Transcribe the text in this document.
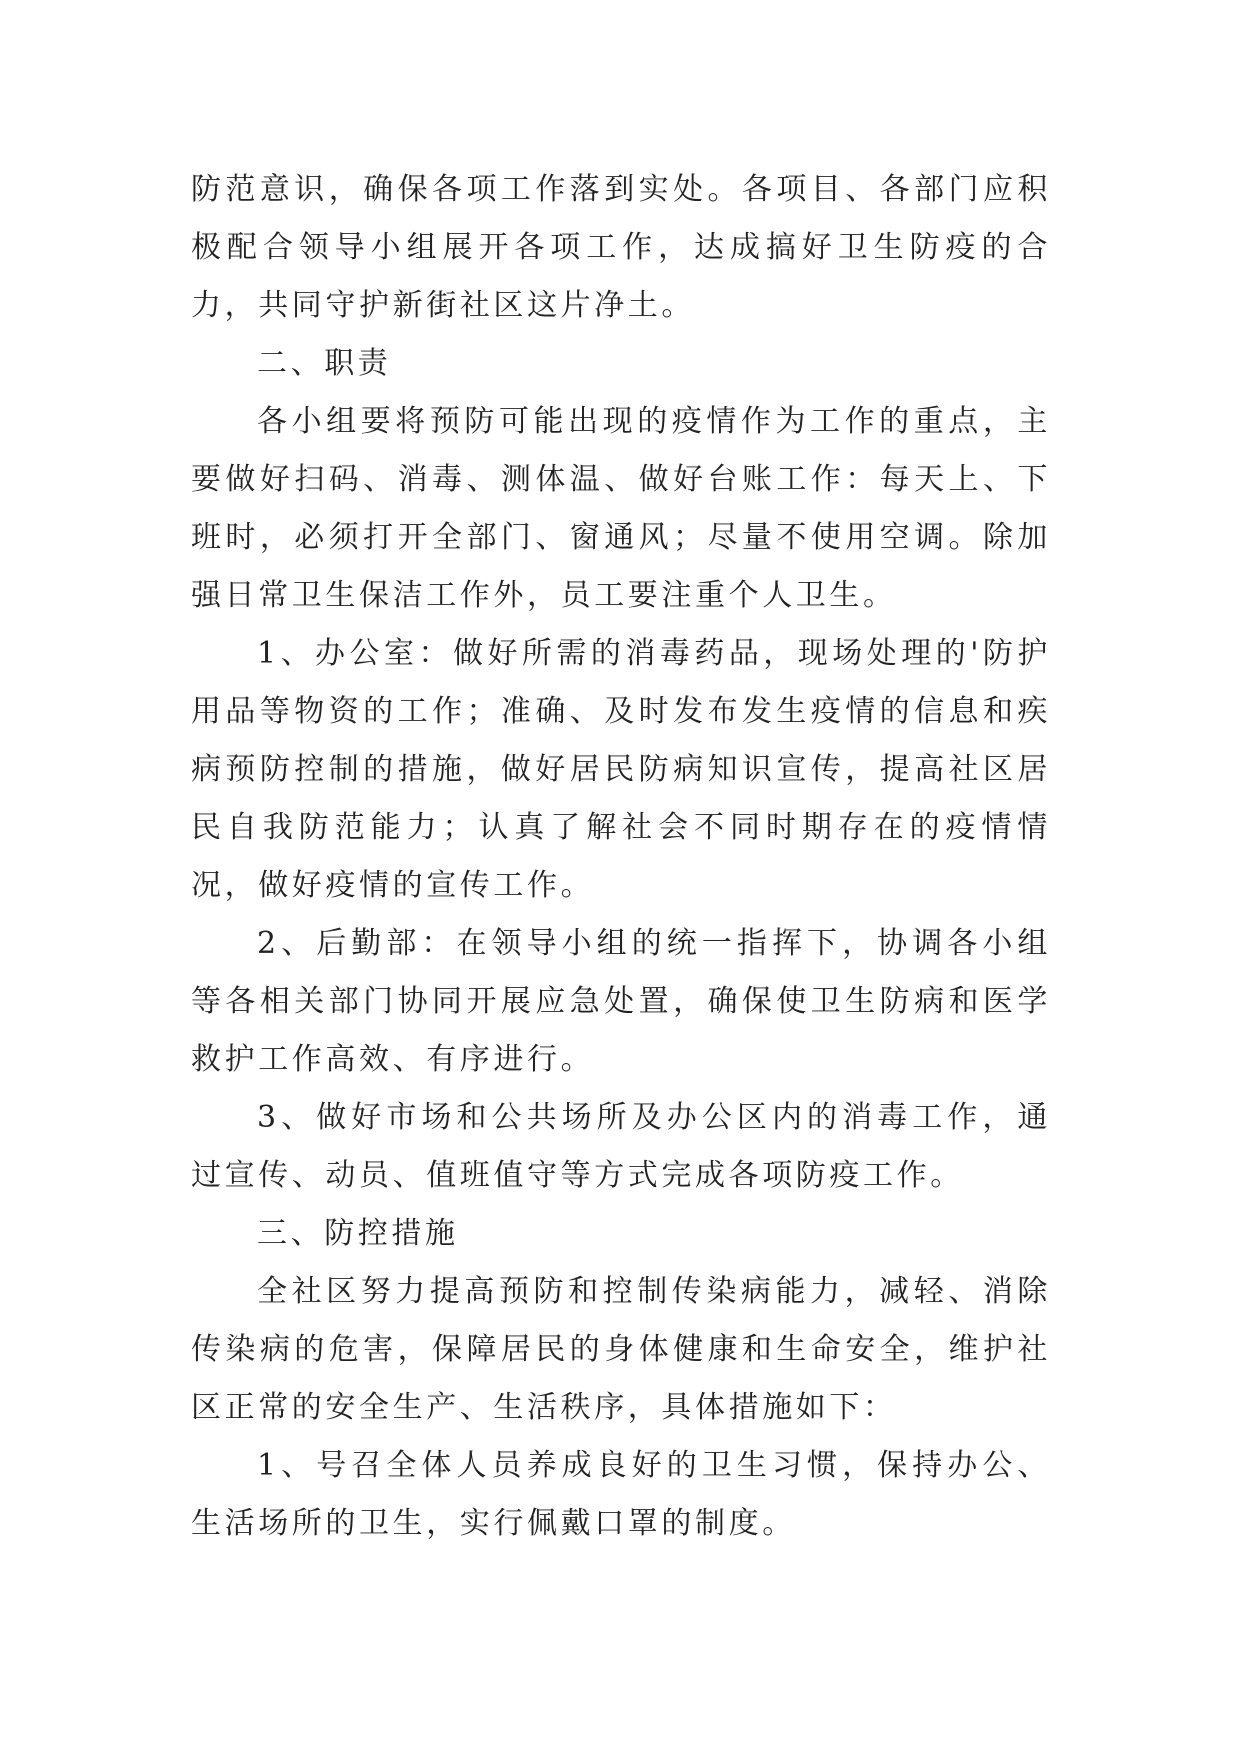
防范意识，确保各项工作落到实处。各项目、各部门应积极配合领导小组展开各项工作，达成搞好卫生防疫的合力，共同守护新街社区这片净土。

二、职责

各小组要将预防可能出现的疫情作为工作的重点，主要做好扫码、消毒、测体温、做好台账工作：每天上、下班时，必须打开全部门、窗通风；尽量不使用空调。除加强日常卫生保洁工作外，员工要注重个人卫生。

1、办公室：做好所需的消毒药品，现场处理的'防护用品等物资的工作；准确、及时发布发生疫情的信息和疾病预防控制的措施，做好居民防病知识宣传，提高社区居民自我防范能力；认真了解社会不同时期存在的疫情情况，做好疫情的宣传工作。

2、后勤部：在领导小组的统一指挥下，协调各小组等各相关部门协同开展应急处置，确保使卫生防病和医学救护工作高效、有序进行。

3、做好市场和公共场所及办公区内的消毒工作，通过宣传、动员、值班值守等方式完成各项防疫工作。

三、防控措施

全社区努力提高预防和控制传染病能力，减轻、消除传染病的危害，保障居民的身体健康和生命安全，维护社区正常的安全生产、生活秩序，具体措施如下：

1、号召全体人员养成良好的卫生习惯，保持办公、生活场所的卫生，实行佩戴口罩的制度。
